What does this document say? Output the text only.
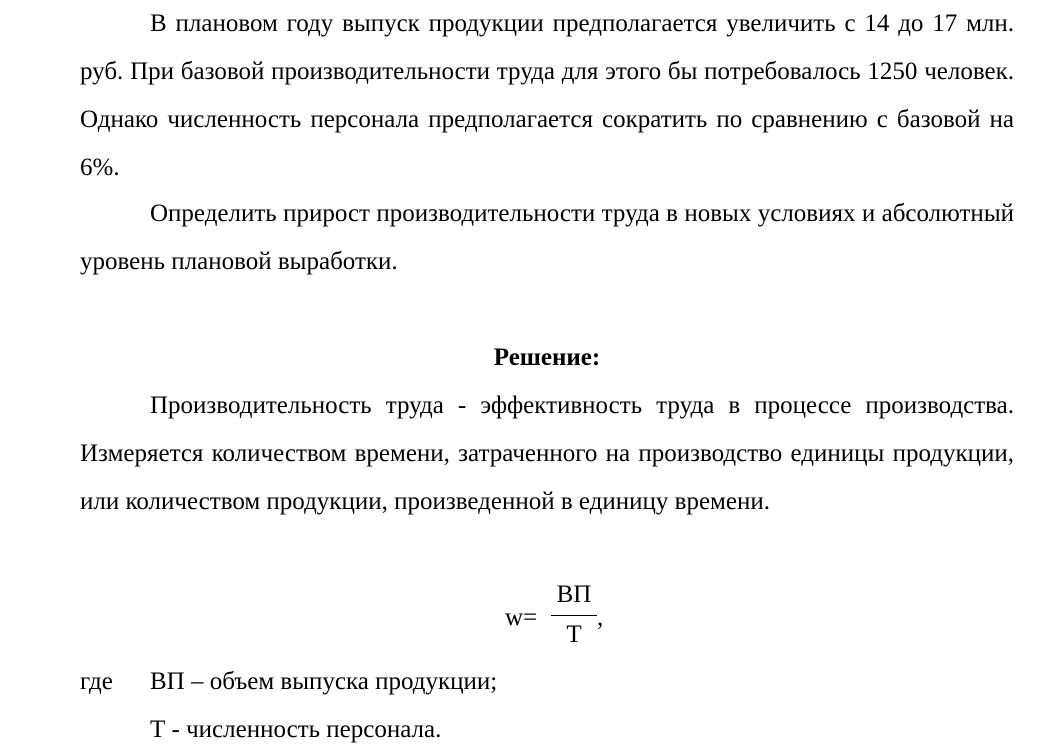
В плановом году выпуск продукции предполагается увеличить с 14 до 17 млн. руб. При базовой производительности труда для этого бы потребовалось 1250 человек. Однако численность персонала предполагается сократить по сравнению с базовой на 6%.

Определить прирост производительности труда в новых условиях и абсолютный уровень плановой выработки.

Решение:

Производительность труда - эффективность труда в процессе производства. Измеряется количеством времени, затраченного на производство единицы продукции, или количеством продукции, произведенной в единицу времени.

w=
ВП
Т
,
где ВП – объем выпуска продукции;
Т - численность персонала.
